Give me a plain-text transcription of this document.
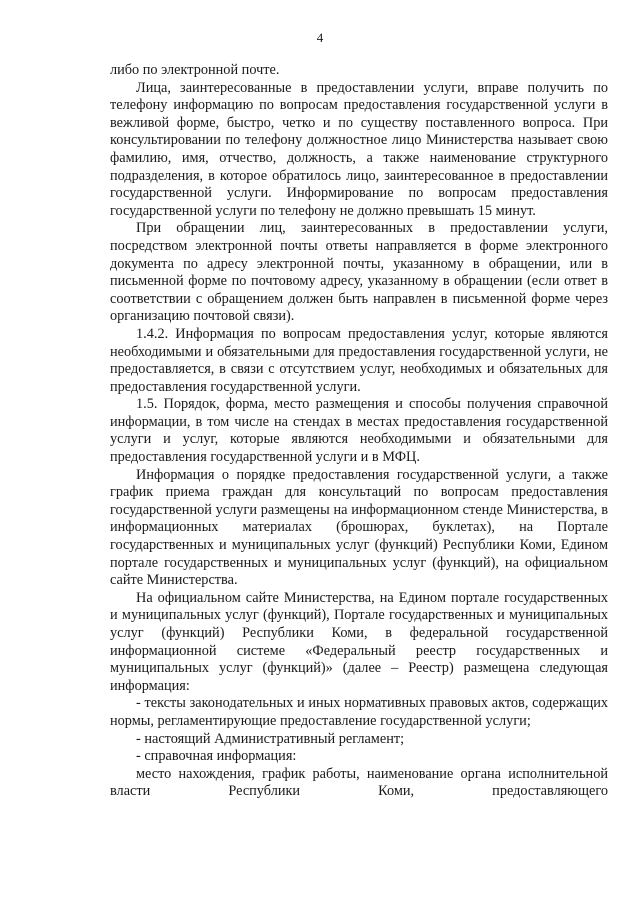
4

либо по электронной почте.

Лица, заинтересованные в предоставлении услуги, вправе получить по телефону информацию по вопросам предоставления государственной услуги в вежливой форме, быстро, четко и по существу поставленного вопроса. При консультировании по телефону должностное лицо Министерства называет свою фамилию, имя, отчество, должность, а также наименование структурного подразделения, в которое обратилось лицо, заинтересованное в предоставлении государственной услуги. Информирование по вопросам предоставления государственной услуги по телефону не должно превышать 15 минут.

При обращении лиц, заинтересованных в предоставлении услуги, посредством электронной почты ответы направляется в форме электронного документа по адресу электронной почты, указанному в обращении, или в письменной форме по почтовому адресу, указанному в обращении (если ответ в соответствии с обращением должен быть направлен в письменной форме через организацию почтовой связи).

1.4.2. Информация по вопросам предоставления услуг, которые являются необходимыми и обязательными для предоставления государственной услуги, не предоставляется, в связи с отсутствием услуг, необходимых и обязательных для предоставления государственной услуги.

1.5. Порядок, форма, место размещения и способы получения справочной информации, в том числе на стендах в местах предоставления государственной услуги и услуг, которые являются необходимыми и обязательными для предоставления государственной услуги и в МФЦ.

Информация о порядке предоставления государственной услуги, а также график приема граждан для консультаций по вопросам предоставления государственной услуги размещены на информационном стенде Министерства, в информационных материалах (брошюрах, буклетах), на Портале государственных и муниципальных услуг (функций) Республики Коми, Едином портале государственных и муниципальных услуг (функций), на официальном сайте Министерства.

На официальном сайте Министерства, на Едином портале государственных и муниципальных услуг (функций), Портале государственных и муниципальных услуг (функций) Республики Коми, в федеральной государственной информационной системе «Федеральный реестр государственных и муниципальных услуг (функций)» (далее – Реестр) размещена следующая информация:

- тексты законодательных и иных нормативных правовых актов, содержащих нормы, регламентирующие предоставление государственной услуги;

- настоящий Административный регламент;

- справочная информация:

место нахождения, график работы, наименование органа исполнительной власти Республики Коми, предоставляющего
